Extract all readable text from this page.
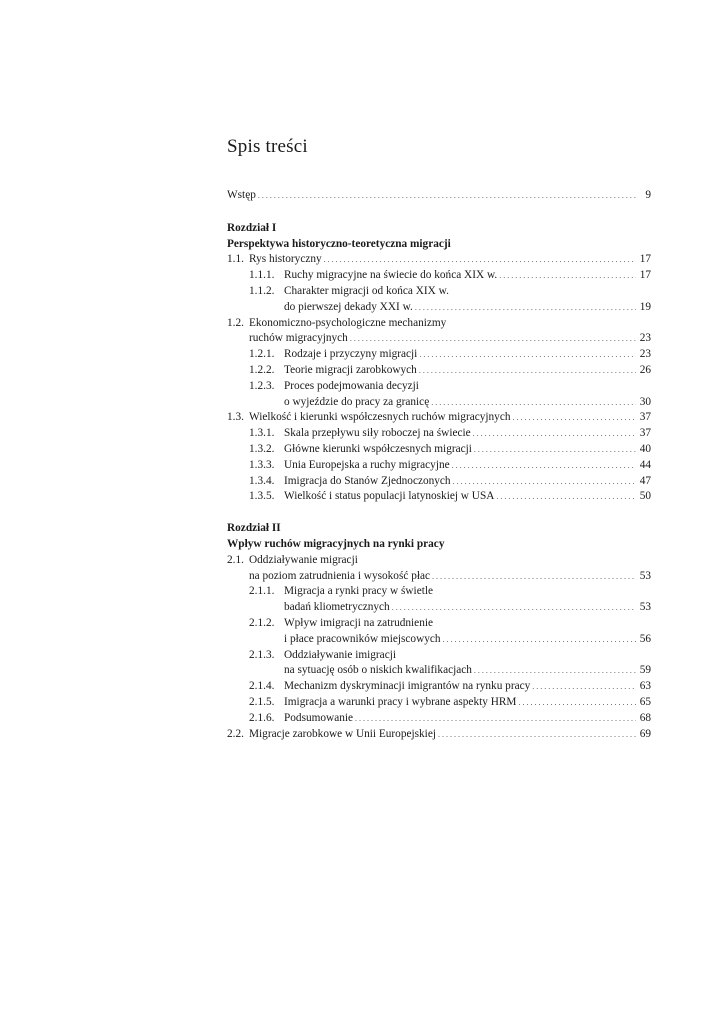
Spis treści
Wstęp . . .	9
Rozdział I
Perspektywa historyczno-teoretyczna migracji
1.1. Rys historyczny . . .	17
1.1.1. Ruchy migracyjne na świecie do końca XIX w. . . .	17
1.1.2. Charakter migracji od końca XIX w.
do pierwszej dekady XXI w. . . .	19
1.2. Ekonomiczno-psychologiczne mechanizmy
ruchów migracyjnych . . .	23
1.2.1. Rodzaje i przyczyny migracji . . .	23
1.2.2. Teorie migracji zarobkowych . . .	26
1.2.3. Proces podejmowania decyzji
o wyjeździe do pracy za granicę . . .	30
1.3. Wielkość i kierunki współczesnych ruchów migracyjnych . . .	37
1.3.1. Skala przepływu siły roboczej na świecie . . .	37
1.3.2. Główne kierunki współczesnych migracji . . .	40
1.3.3. Unia Europejska a ruchy migracyjne . . .	44
1.3.4. Imigracja do Stanów Zjednoczonych . . .	47
1.3.5. Wielkość i status populacji latynoskiej w USA . . .	50
Rozdział II
Wpływ ruchów migracyjnych na rynki pracy
2.1. Oddziaływanie migracji
na poziom zatrudnienia i wysokość płac . . .	53
2.1.1. Migracja a rynki pracy w świetle
badań kliometrycznych . . .	53
2.1.2. Wpływ imigracji na zatrudnienie
i płace pracowników miejscowych . . .	56
2.1.3. Oddziaływanie imigracji
na sytuację osób o niskich kwalifikacjach . . .	59
2.1.4. Mechanizm dyskryminacji imigrantów na rynku pracy . . .	63
2.1.5. Imigracja a warunki pracy i wybrane aspekty HRM . . .	65
2.1.6. Podsumowanie . . .	68
2.2. Migracje zarobkowe w Unii Europejskiej . . .	69
